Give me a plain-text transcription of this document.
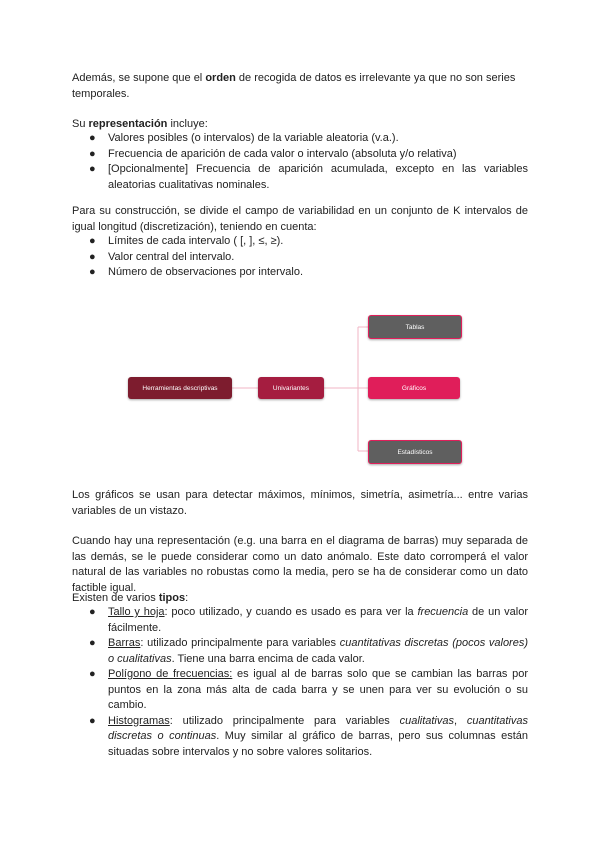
Además, se supone que el orden de recogida de datos es irrelevante ya que no son series temporales.
Su representación incluye:
● Valores posibles (o intervalos) de la variable aleatoria (v.a.).
● Frecuencia de aparición de cada valor o intervalo (absoluta y/o relativa)
● [Opcionalmente] Frecuencia de aparición acumulada, excepto en las variables aleatorias cualitativas nominales.
Para su construcción, se divide el campo de variabilidad en un conjunto de K intervalos de igual longitud (discretización), teniendo en cuenta:
● Límites de cada intervalo ( [, ], ≤, ≥).
● Valor central del intervalo.
● Número de observaciones por intervalo.
Herramientas descriptivas	Univariantes
Tablas
Gráficos
Estadísticos
Los gráficos se usan para detectar máximos, mínimos, simetría, asimetría... entre varias variables de un vistazo.
Cuando hay una representación (e.g. una barra en el diagrama de barras) muy separada de las demás, se le puede considerar como un dato anómalo. Este dato corromperá el valor natural de las variables no robustas como la media, pero se ha de considerar como un dato factible igual.
Existen de varios tipos:
● Tallo y hoja: poco utilizado, y cuando es usado es para ver la frecuencia de un valor fácilmente.
● Barras: utilizado principalmente para variables cuantitativas discretas (pocos valores) o cualitativas. Tiene una barra encima de cada valor.
● Polígono de frecuencias: es igual al de barras solo que se cambian las barras por puntos en la zona más alta de cada barra y se unen para ver su evolución o su cambio.
● Histogramas: utilizado principalmente para variables cualitativas, cuantitativas discretas o continuas. Muy similar al gráfico de barras, pero sus columnas están situadas sobre intervalos y no sobre valores solitarios.
